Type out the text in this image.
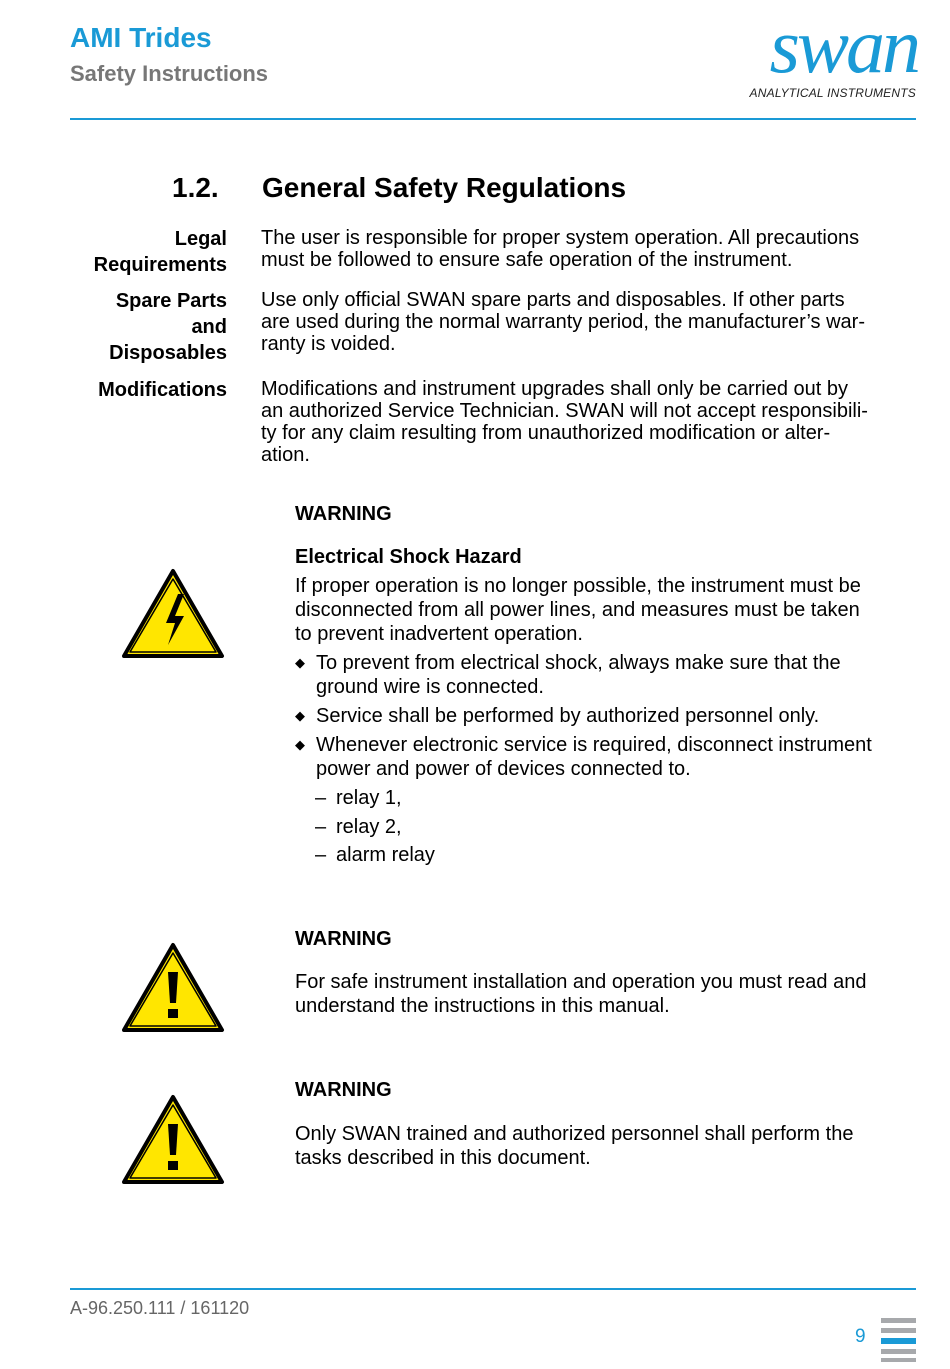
AMI Trides
Safety Instructions	swan
ANALYTICAL INSTRUMENTS
1.2. General Safety Regulations
Legal
Requirements
Spare Parts
and
Disposables
Modifications
The user is responsible for proper system operation. All precautions
must be followed to ensure safe operation of the instrument.
Use only official SWAN spare parts and disposables. If other parts
are used during the normal warranty period, the manufacturer’s war-
ranty is voided.
Modifications and instrument upgrades shall only be carried out by
an authorized Service Technician. SWAN will not accept responsibili-
ty for any claim resulting from unauthorized modification or alter-
ation.
WARNING
Electrical Shock Hazard
If proper operation is no longer possible, the instrument must be
disconnected from all power lines, and measures must be taken
to prevent inadvertent operation.
◆ To prevent from electrical shock, always make sure that the
ground wire is connected.
◆ Service shall be performed by authorized personnel only.
◆ Whenever electronic service is required, disconnect instrument
power and power of devices connected to.
– relay 1,
– relay 2,
– alarm relay
WARNING
For safe instrument installation and operation you must read and
understand the instructions in this manual.
WARNING
Only SWAN trained and authorized personnel shall perform the
tasks described in this document.
A-96.250.111 / 161120
9
